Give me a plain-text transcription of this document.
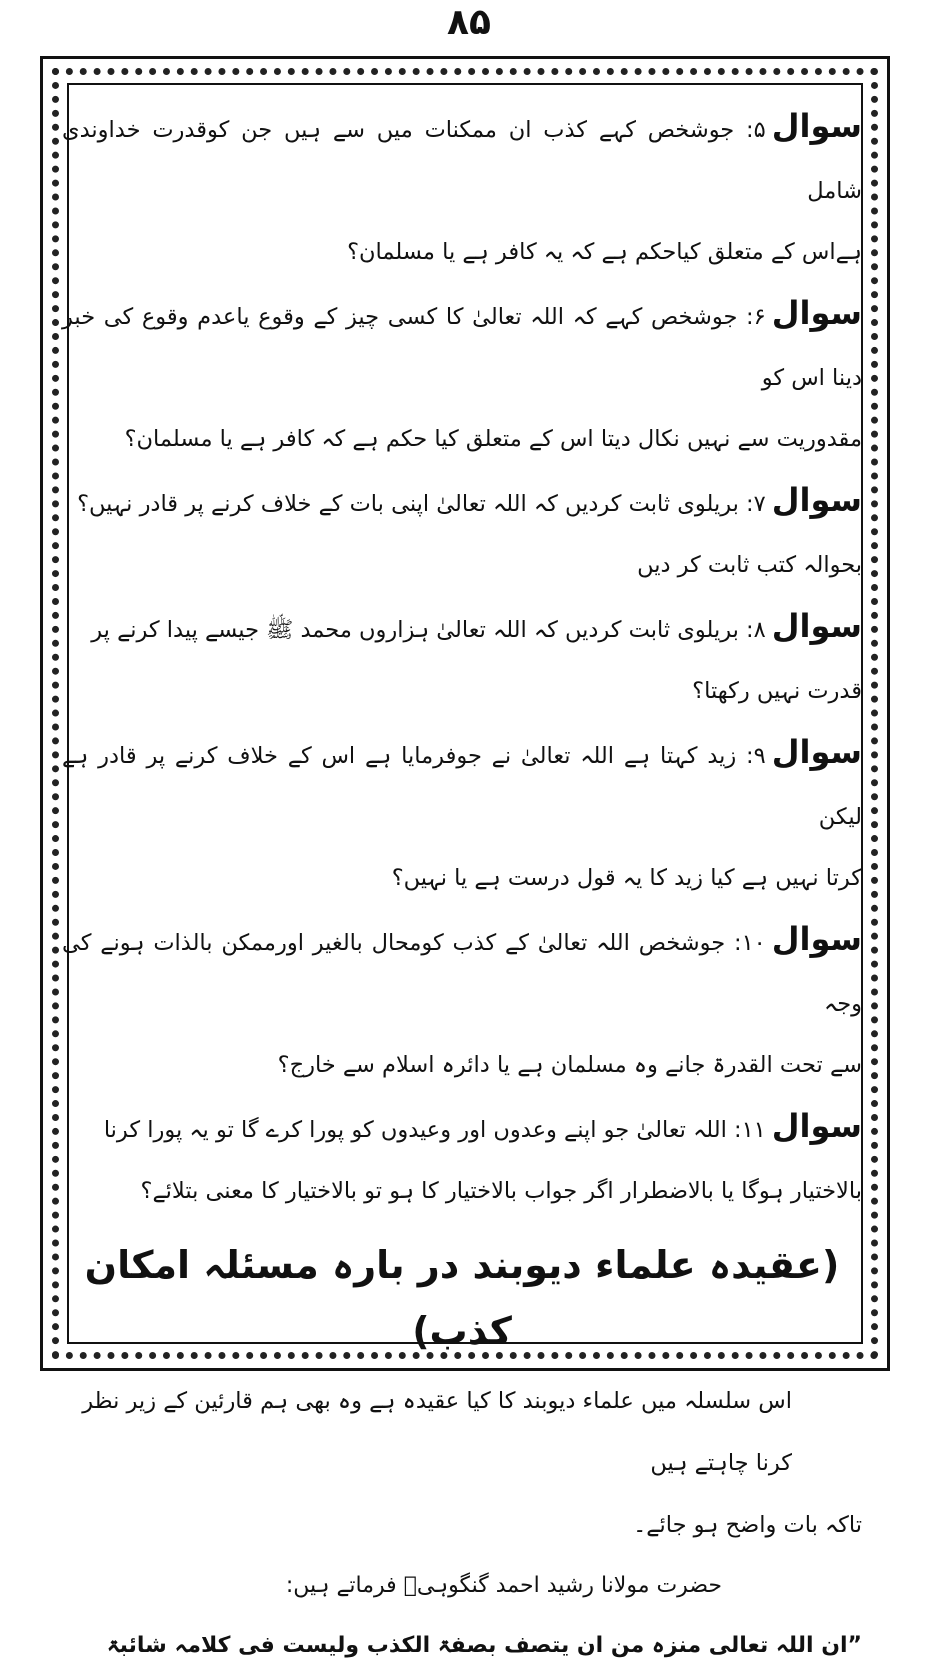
۸۵

سوال۵: جوشخص کہے کذب ان ممکنات میں سے ہیں جن کوقدرت خداوندی شامل
ہےاس کے متعلق کیاحکم ہے کہ یہ کافر ہے یا مسلمان؟

سوال۶: جوشخص کہے کہ اللہ تعالیٰ کا کسی چیز کے وقوع یاعدم وقوع کی خبر دینا اس کو
مقدوریت سے نہیں نکال دیتا اس کے متعلق کیا حکم ہے کہ کافر ہے یا مسلمان؟

سوال۷: بریلوی ثابت کردیں کہ اللہ تعالیٰ اپنی بات کے خلاف کرنے پر قادر نہیں؟
بحوالہ کتب ثابت کر دیں

سوال۸: بریلوی ثابت کردیں کہ اللہ تعالیٰ ہزاروں محمد ﷺ جیسے پیدا کرنے پر
قدرت نہیں رکھتا؟

سوال۹: زید کہتا ہے اللہ تعالیٰ نے جوفرمایا ہے اس کے خلاف کرنے پر قادر ہے لیکن
کرتا نہیں ہے کیا زید کا یہ قول درست ہے یا نہیں؟

سوال۱۰: جوشخص اللہ تعالیٰ کے کذب کومحال بالغیر اورممکن بالذات ہونے کی وجہ
سے تحت القدرۃ جانے وہ مسلمان ہے یا دائرہ اسلام سے خارج؟

سوال۱۱: اللہ تعالیٰ جو اپنے وعدوں اور وعیدوں کو پورا کرے گا تو یہ پورا کرنا
بالاختیار ہوگا یا بالاضطرار اگر جواب بالاختیار کا ہو تو بالاختیار کا معنی بتلائے؟

(عقیدہ علماء دیوبند در بارہ مسئلہ امکان کذب)

اس سلسلہ میں علماء دیوبند کا کیا عقیدہ ہے وہ بھی ہم قارئین کے زیر نظر کرنا چاہتے ہیں

تاکہ بات واضح ہو جائے۔

حضرت مولانا رشید احمد گنگوہیؒ فرماتے ہیں:

”ان اللہ تعالی منزہ من ان یتصف بصفۃ الکذب ولیست فی کلامہ شائبۃ
